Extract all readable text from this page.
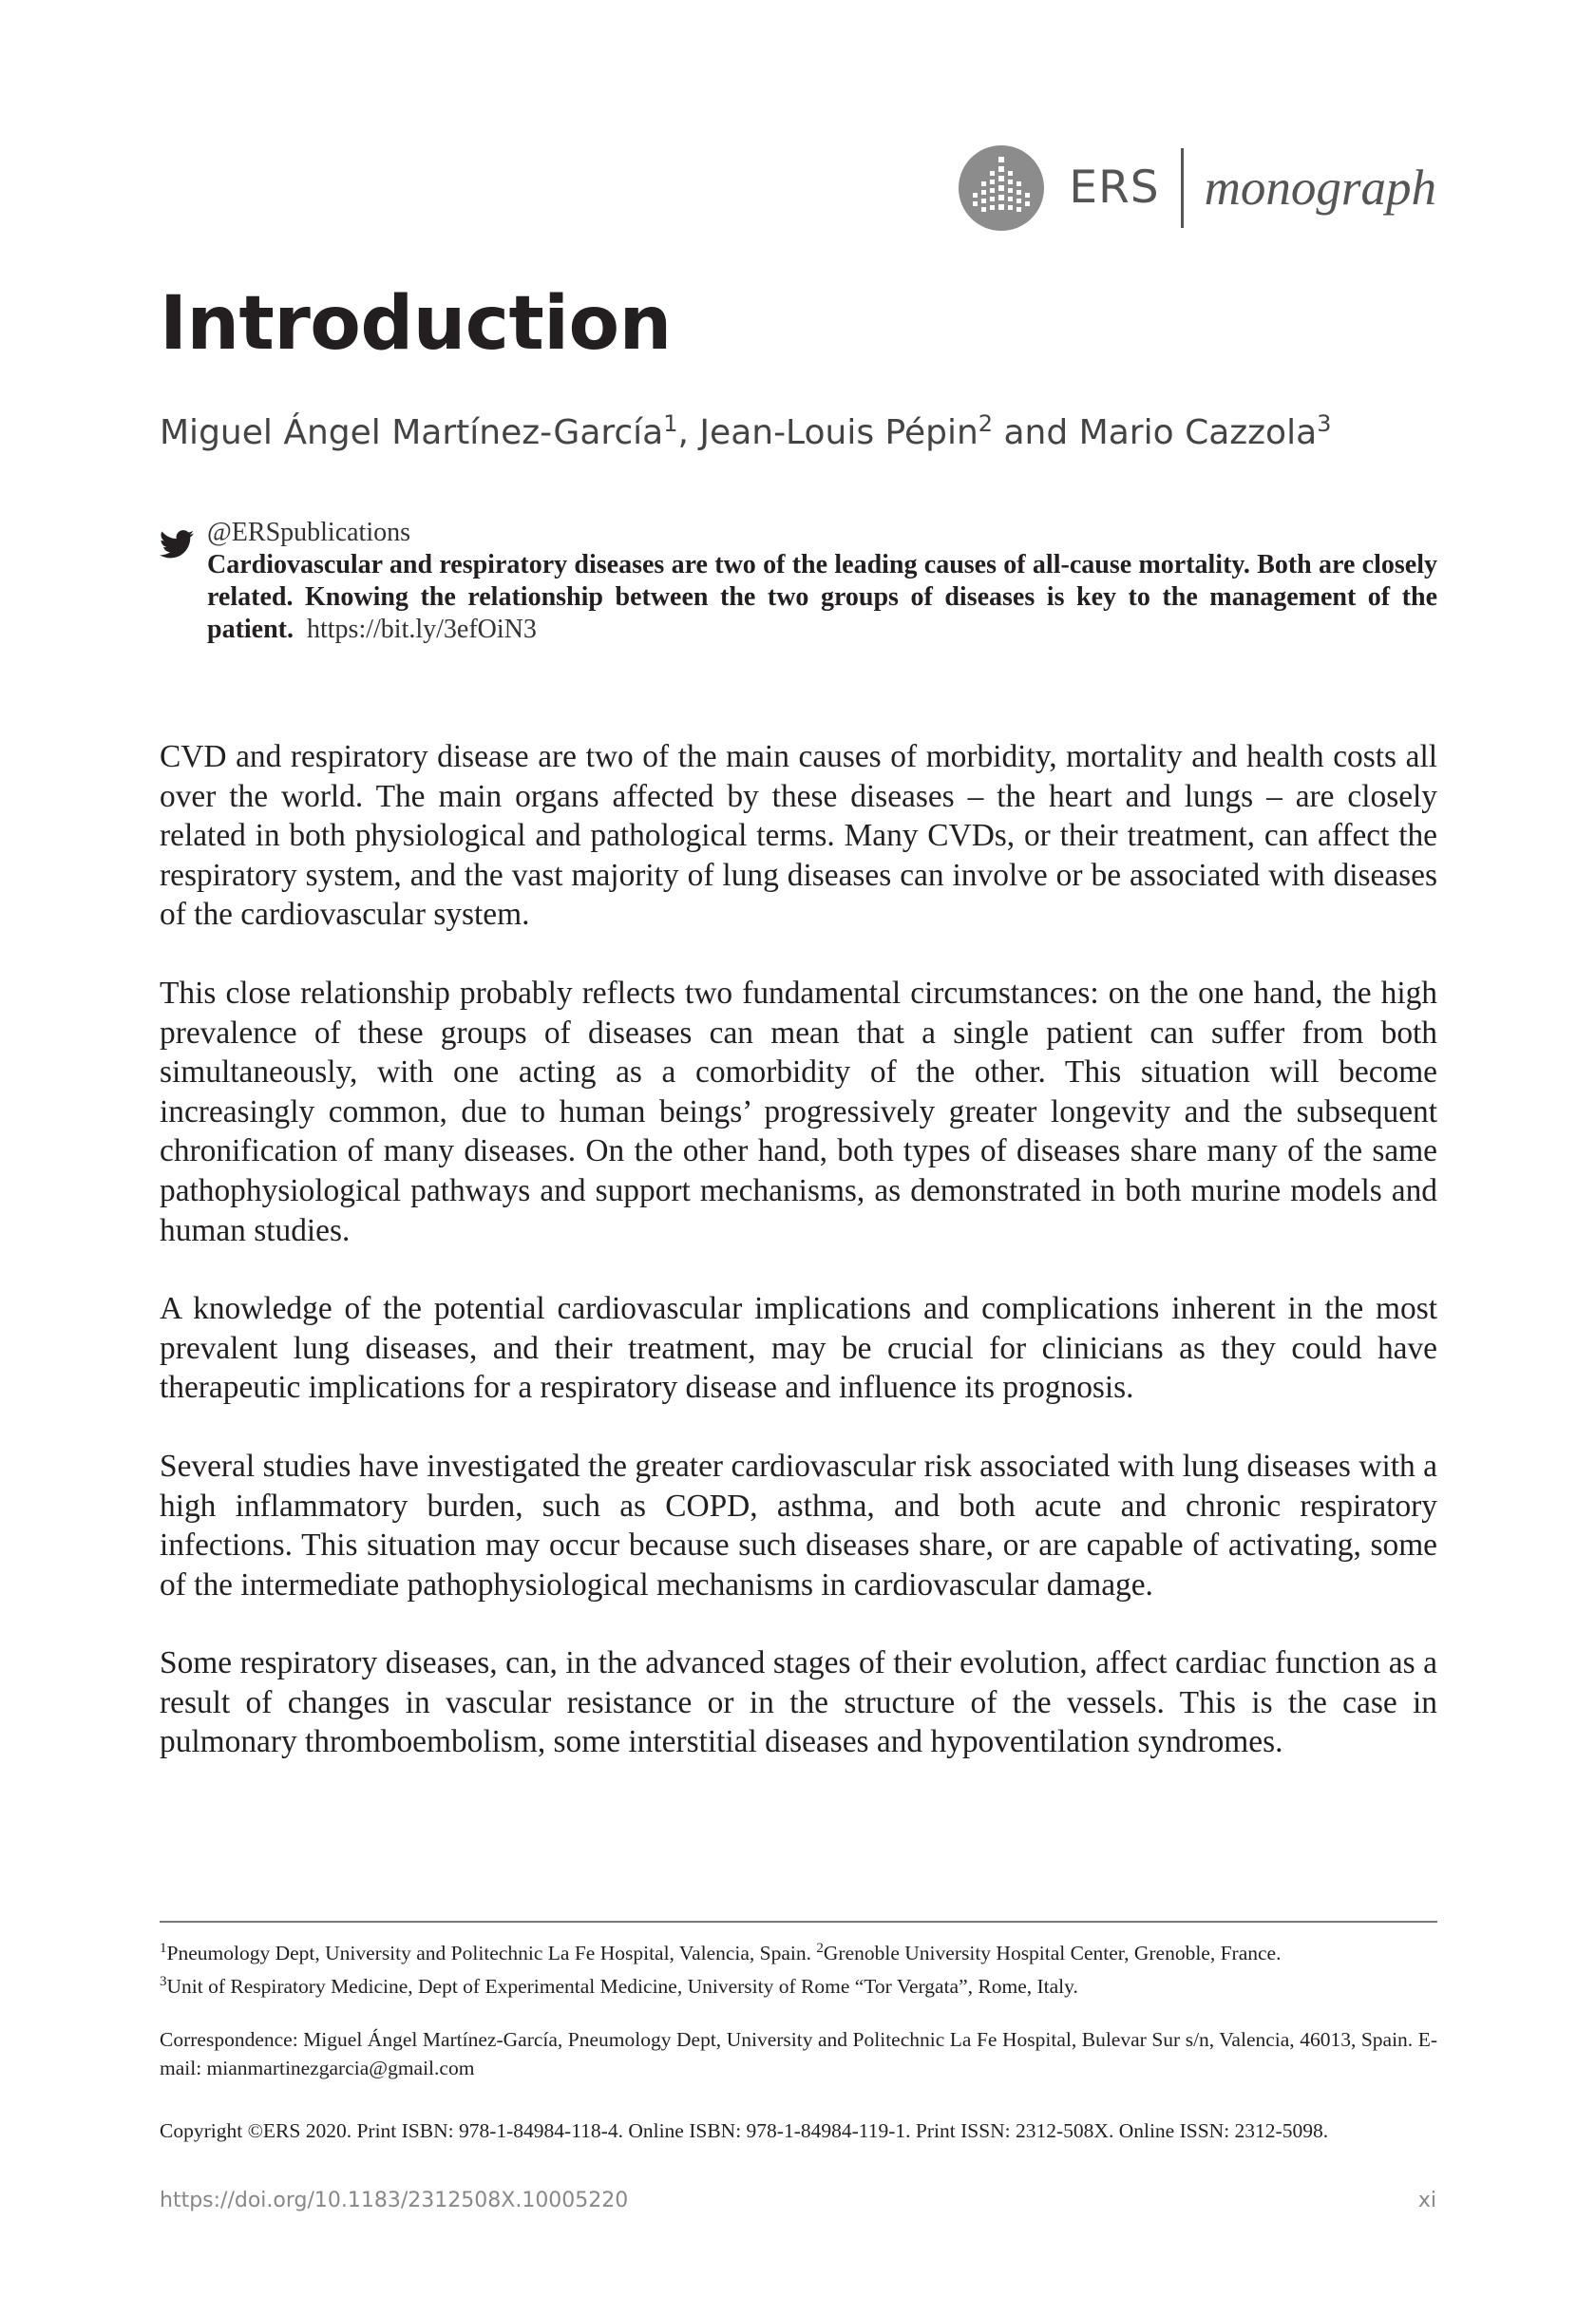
ERS monograph
Introduction

Miguel Ángel Martínez-García$^1$, Jean-Louis Pépin$^2$ and Mario Cazzola$^3$

@ERSpublications
Cardiovascular and respiratory diseases are two of the leading causes of all-cause mortality. Both are closely related. Knowing the relationship between the two groups of diseases is key to the management of the patient. https://bit.ly/3efOiN3

CVD and respiratory disease are two of the main causes of morbidity, mortality and health costs all over the world. The main organs affected by these diseases – the heart and lungs – are closely related in both physiological and pathological terms. Many CVDs, or their treatment, can affect the respiratory system, and the vast majority of lung diseases can involve or be associated with diseases of the cardiovascular system.

This close relationship probably reflects two fundamental circumstances: on the one hand, the high prevalence of these groups of diseases can mean that a single patient can suffer from both simultaneously, with one acting as a comorbidity of the other. This situation will become increasingly common, due to human beings’ progressively greater longevity and the subsequent chronification of many diseases. On the other hand, both types of diseases share many of the same pathophysiological pathways and support mechanisms, as demonstrated in both murine models and human studies.

A knowledge of the potential cardiovascular implications and complications inherent in the most prevalent lung diseases, and their treatment, may be crucial for clinicians as they could have therapeutic implications for a respiratory disease and influence its prognosis.

Several studies have investigated the greater cardiovascular risk associated with lung diseases with a high inflammatory burden, such as COPD, asthma, and both acute and chronic respiratory infections. This situation may occur because such diseases share, or are capable of activating, some of the intermediate pathophysiological mechanisms in cardiovascular damage.

Some respiratory diseases, can, in the advanced stages of their evolution, affect cardiac function as a result of changes in vascular resistance or in the structure of the vessels. This is the case in pulmonary thromboembolism, some interstitial diseases and hypoventilation syndromes.

$^1$Pneumology Dept, University and Politechnic La Fe Hospital, Valencia, Spain. $^2$Grenoble University Hospital Center, Grenoble, France.
$^3$Unit of Respiratory Medicine, Dept of Experimental Medicine, University of Rome “Tor Vergata”, Rome, Italy.

Correspondence: Miguel Ángel Martínez-García, Pneumology Dept, University and Politechnic La Fe Hospital, Bulevar Sur s/n, Valencia, 46013, Spain. E-mail: mianmartinezgarcia@gmail.com

Copyright ©ERS 2020. Print ISBN: 978-1-84984-118-4. Online ISBN: 978-1-84984-119-1. Print ISSN: 2312-508X. Online ISSN: 2312-5098.

https://doi.org/10.1183/2312508X.10005220	xi
